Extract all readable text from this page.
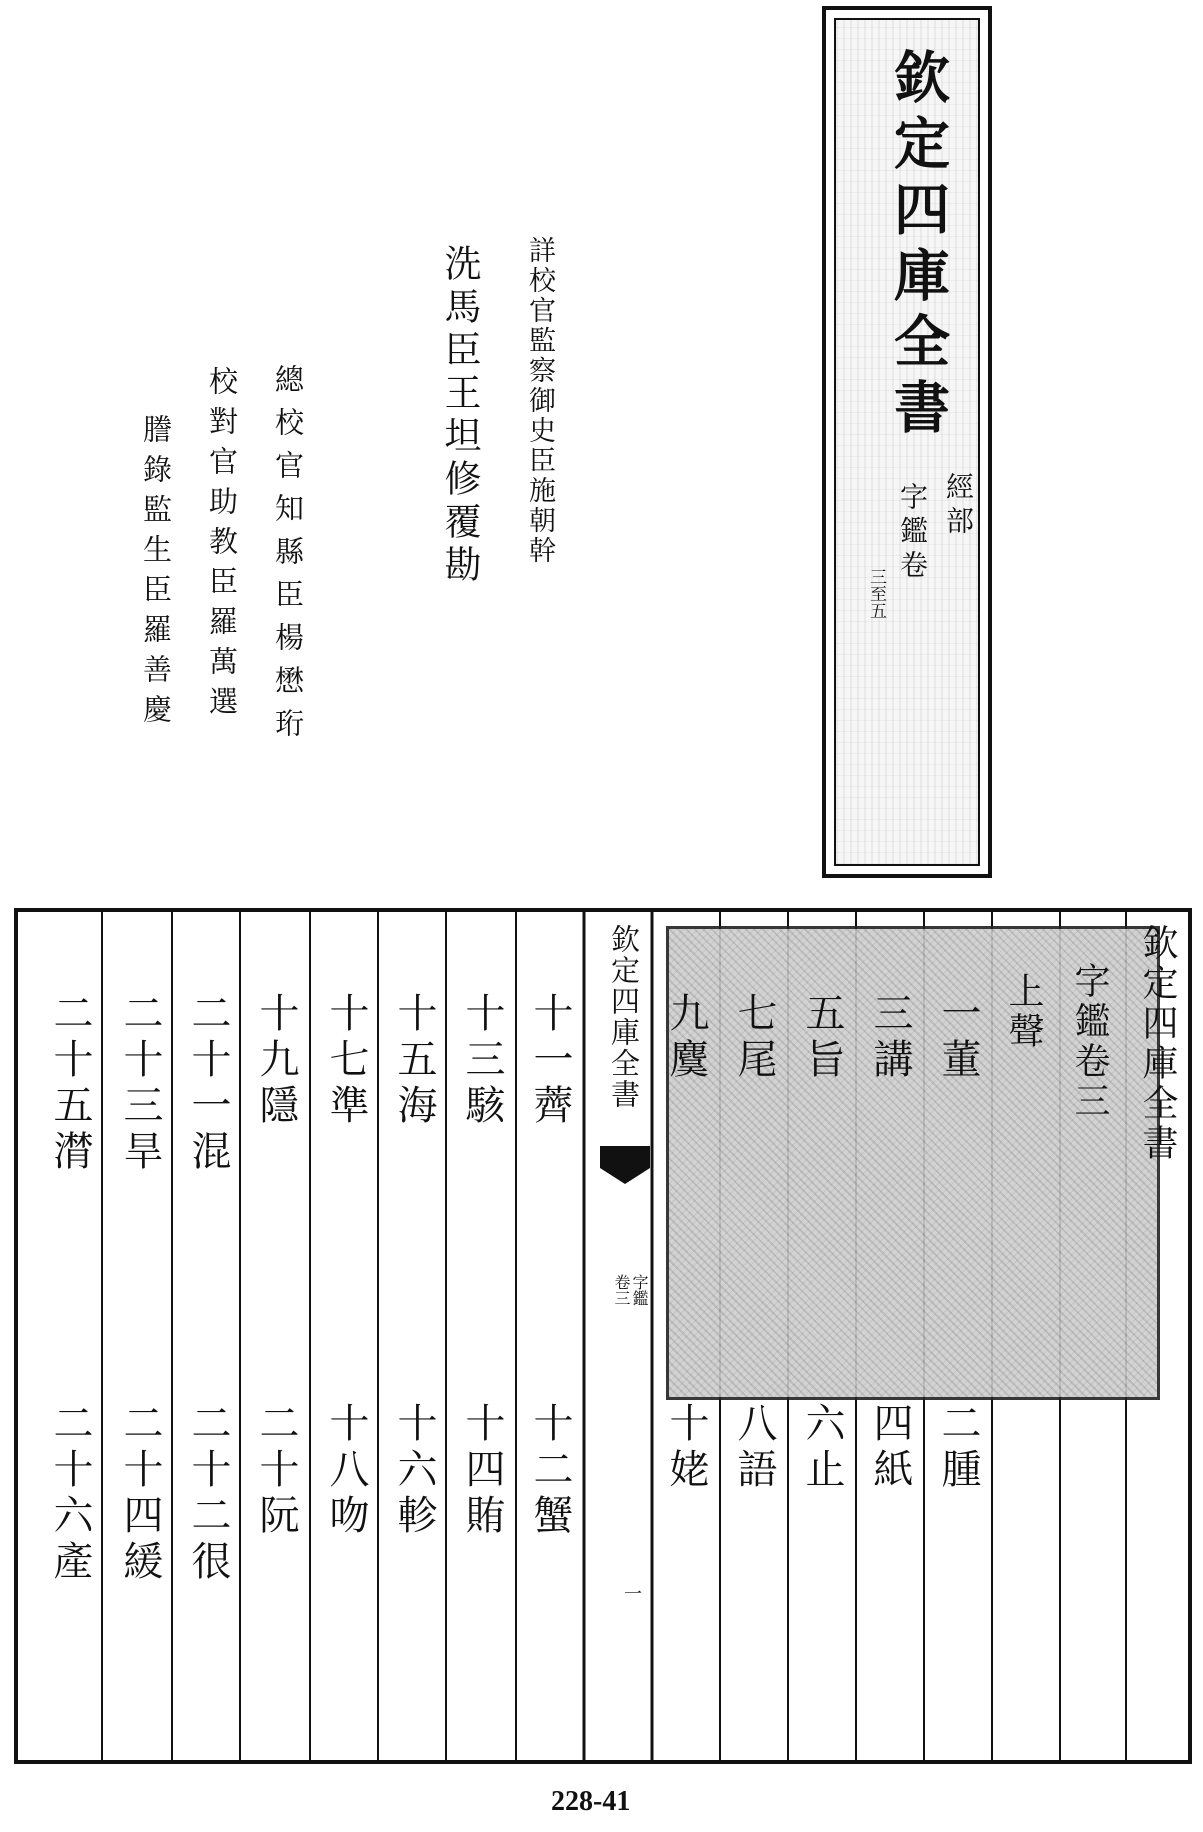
欽定四庫全書
經部
字鑑卷
三至五
詳校官監察御史臣施朝幹
洗馬臣王坦修覆勘
總校官知縣臣楊懋珩
校對官助教臣羅萬選
謄錄監生臣羅善慶
欽定四庫全書
字鑑卷三
上聲
一董
三講
五旨
七尾
九麌
十一薺
十三駭
十五海
十七準
十九隱
二十一混
二十三旱
二十五潸
二腫
四紙
六止
八語
十姥
十二蟹
十四賄
十六軫
十八吻
二十阮
二十二很
二十四緩
二十六產
欽定四庫全書
字鑑
卷三
一
228-41
